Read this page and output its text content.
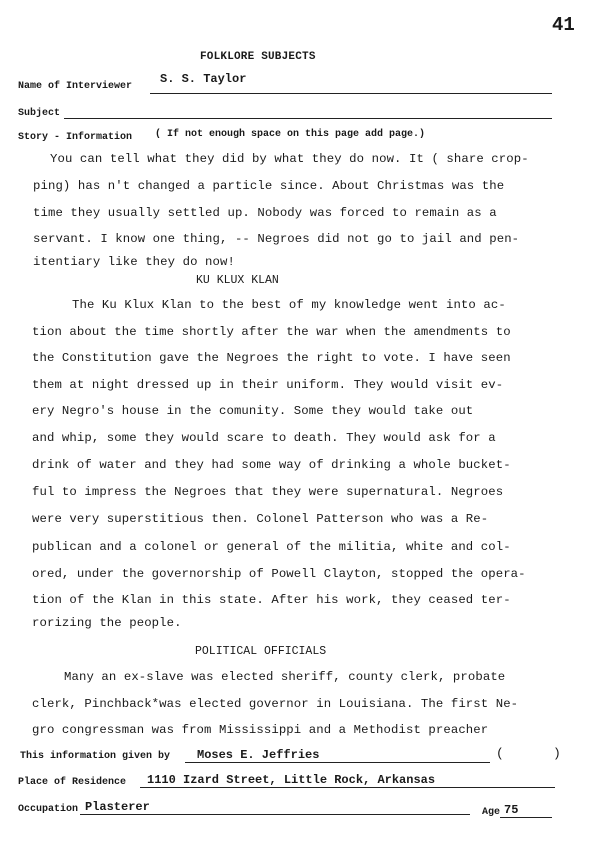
41
FOLKLORE SUBJECTS
Name of Interviewer
S. S. Taylor
Subject
Story - Information ( If not enough space on this page add page.)
You can tell what they did by what they do now. It ( share crop-
ping) has n't changed a particle since. About Christmas was the
time they usually settled up. Nobody was forced to remain as a
servant. I know one thing, -- Negroes did not go to jail and pen-
itentiary like they do now!
KU KLUX KLAN
The Ku Klux Klan to the best of my knowledge went into ac-
tion about the time shortly after the war when the amendments to
the Constitution gave the Negroes the right to vote. I have seen
them at night dressed up in their uniform. They would visit ev-
ery Negro's house in the comunity. Some they would take out
and whip, some they would scare to death. They would ask for a
drink of water and they had some way of drinking a whole bucket-
ful to impress the Negroes that they were supernatural. Negroes
were very superstitious then. Colonel Patterson who was a Re-
publican and a colonel or general of the militia, white and col-
ored, under the governorship of Powell Clayton, stopped the opera-
tion of the Klan in this state. After his work, they ceased ter-
rorizing the people.
POLITICAL OFFICIALS
Many an ex-slave was elected sheriff, county clerk, probate
clerk, Pinchback*was elected governor in Louisiana. The first Ne-
gro congressman was from Mississippi and a Methodist preacher
This information given by Moses E. Jeffries	(	)
Place of Residence 1110 Izard Street, Little Rock, Arkansas
Occupation Plasterer	Age 75
